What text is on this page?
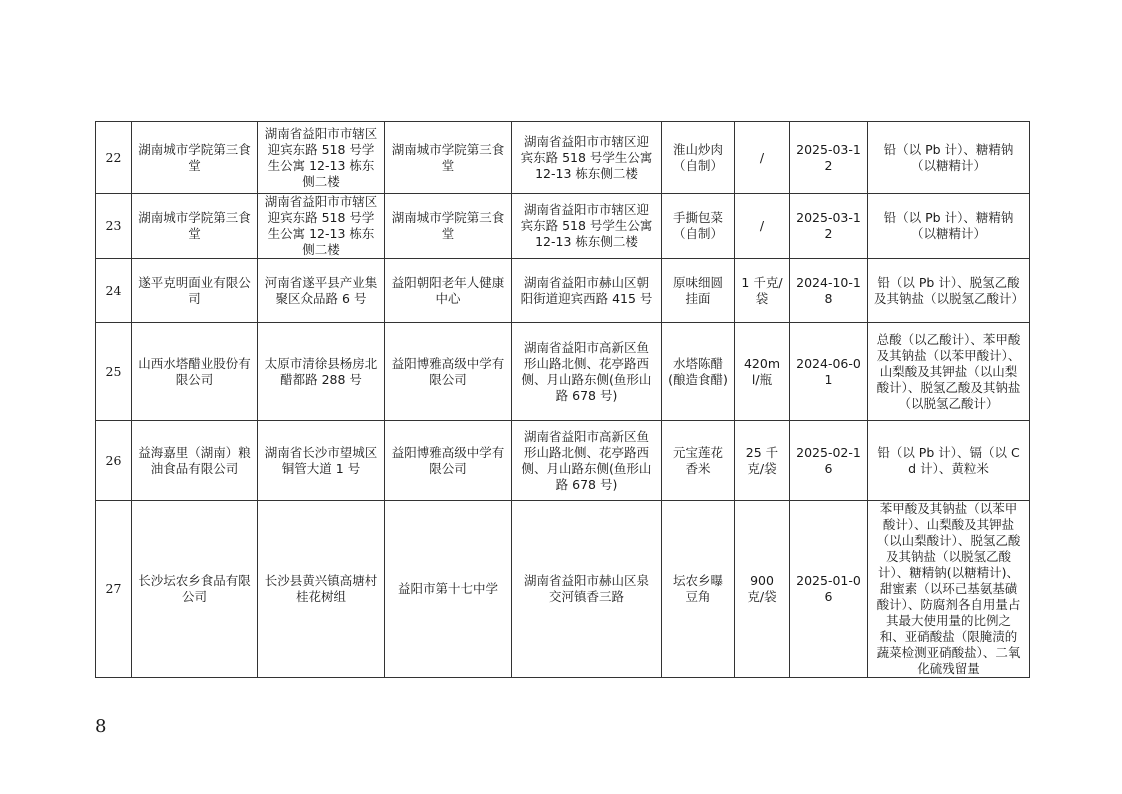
22	湖南城市学院第三食堂	湖南省益阳市市辖区迎宾东路 518 号学生公寓 12-13 栋东侧二楼	湖南城市学院第三食堂	湖南省益阳市市辖区迎宾东路 518 号学生公寓 12-13 栋东侧二楼	淮山炒肉（自制）	/	2025-03-12	铅（以 Pb 计）、糖精钠（以糖精计）
23	湖南城市学院第三食堂	湖南省益阳市市辖区迎宾东路 518 号学生公寓 12-13 栋东侧二楼	湖南城市学院第三食堂	湖南省益阳市市辖区迎宾东路 518 号学生公寓 12-13 栋东侧二楼	手撕包菜（自制）	/	2025-03-12	铅（以 Pb 计）、糖精钠（以糖精计）
24	遂平克明面业有限公司	河南省遂平县产业集聚区众品路 6 号	益阳朝阳老年人健康中心	湖南省益阳市赫山区朝阳街道迎宾西路 415 号	原味细圆挂面	1 千克/袋	2024-10-18	铅（以 Pb 计）、脱氢乙酸及其钠盐（以脱氢乙酸计）
25	山西水塔醋业股份有限公司	太原市清徐县杨房北醋都路 288 号	益阳博雅高级中学有限公司	湖南省益阳市高新区鱼形山路北侧、花亭路西侧、月山路东侧(鱼形山路 678 号)	水塔陈醋(酿造食醋)	420ml/瓶	2024-06-01	总酸（以乙酸计）、苯甲酸及其钠盐（以苯甲酸计）、山梨酸及其钾盐（以山梨酸计）、脱氢乙酸及其钠盐（以脱氢乙酸计）
26	益海嘉里（湖南）粮油食品有限公司	湖南省长沙市望城区铜管大道 1 号	益阳博雅高级中学有限公司	湖南省益阳市高新区鱼形山路北侧、花亭路西侧、月山路东侧(鱼形山路 678 号)	元宝莲花香米	25 千克/袋	2025-02-16	铅（以 Pb 计）、镉（以 Cd 计）、黄粒米
27	长沙坛农乡食品有限公司	长沙县黄兴镇高塘村桂花树组	益阳市第十七中学	湖南省益阳市赫山区泉交河镇香三路	坛农乡曝豆角	900 克/袋	2025-01-06	苯甲酸及其钠盐（以苯甲酸计）、山梨酸及其钾盐（以山梨酸计）、脱氢乙酸及其钠盐（以脱氢乙酸计）、糖精钠(以糖精计)、甜蜜素（以环己基氨基磺酸计）、防腐剂各自用量占其最大使用量的比例之和、亚硝酸盐（限腌渍的蔬菜检测亚硝酸盐）、二氧化硫残留量
8
